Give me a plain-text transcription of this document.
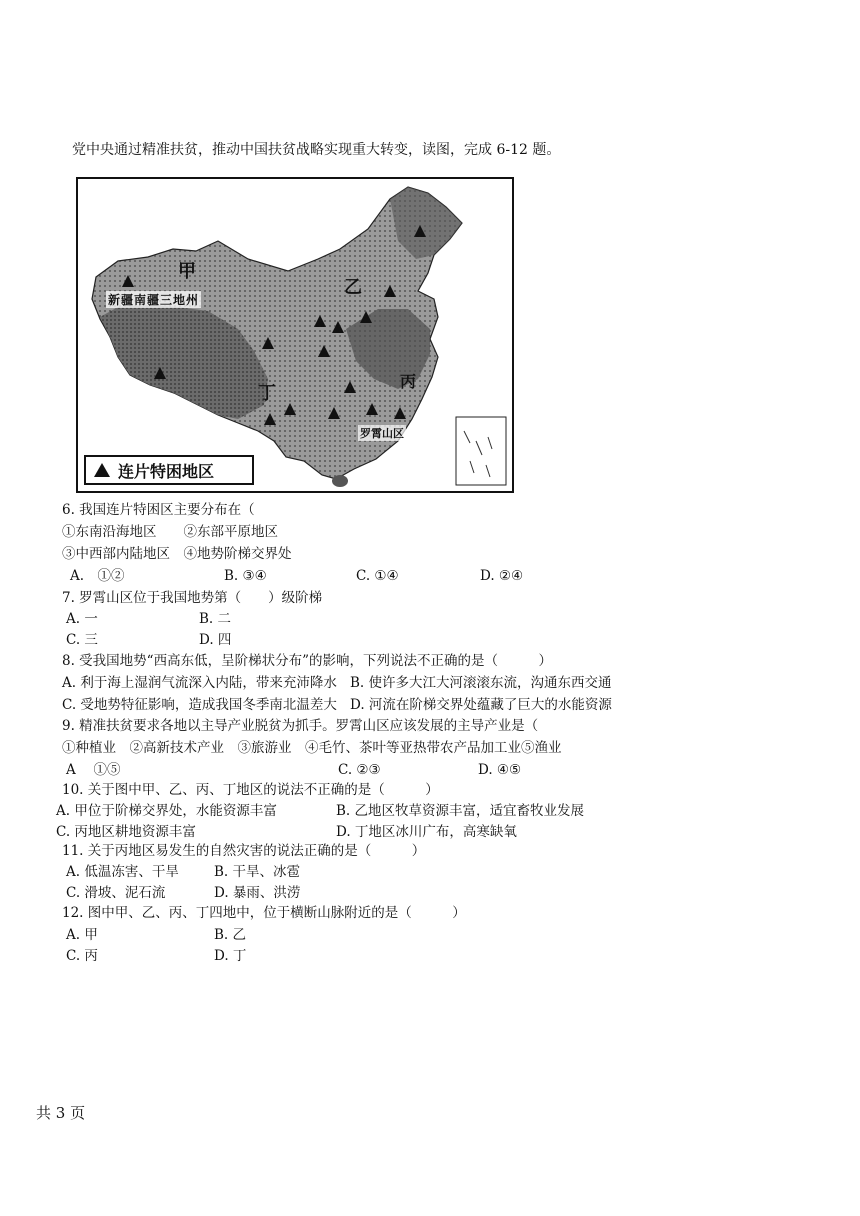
党中央通过精准扶贫，推动中国扶贫战略实现重大转变，读图，完成 6-12 题。
新疆南疆三地州
甲
乙
丙
丁
罗霄山区
连片特困地区
6. 我国连片特困区主要分布在（
①东南沿海地区　　②东部平原地区
③中西部内陆地区　④地势阶梯交界处
A.　①②	B. ③④	C. ①④	D. ②④
7. 罗霄山区位于我国地势第（　　）级阶梯
A. 一	B. 二
C. 三	D. 四
8. 受我国地势“西高东低，呈阶梯状分布”的影响，下列说法不正确的是（　　　）
A. 利于海上湿润气流深入内陆，带来充沛降水 B. 使许多大江大河滚滚东流，沟通东西交通
C. 受地势特征影响，造成我国冬季南北温差大 D. 河流在阶梯交界处蕴藏了巨大的水能资源
9. 精准扶贫要求各地以主导产业脱贫为抓手。罗霄山区应该发展的主导产业是（
①种植业　②高新技术产业　③旅游业　④毛竹、茶叶等亚热带农产品加工业⑤渔业
A　 ①⑤	C. ②③	D. ④⑤
10. 关于图中甲、乙、丙、丁地区的说法不正确的是（　　　）
A. 甲位于阶梯交界处，水能资源丰富	B. 乙地区牧草资源丰富，适宜畜牧业发展
C. 丙地区耕地资源丰富	D. 丁地区冰川广布，高寒缺氧
11. 关于丙地区易发生的自然灾害的说法正确的是（　　　）
A. 低温冻害、干旱	B. 干旱、冰雹
C. 滑坡、泥石流	D. 暴雨、洪涝
12. 图中甲、乙、丙、丁四地中，位于横断山脉附近的是（　　　）
A. 甲	B. 乙
C. 丙	D. 丁
共 3 页
